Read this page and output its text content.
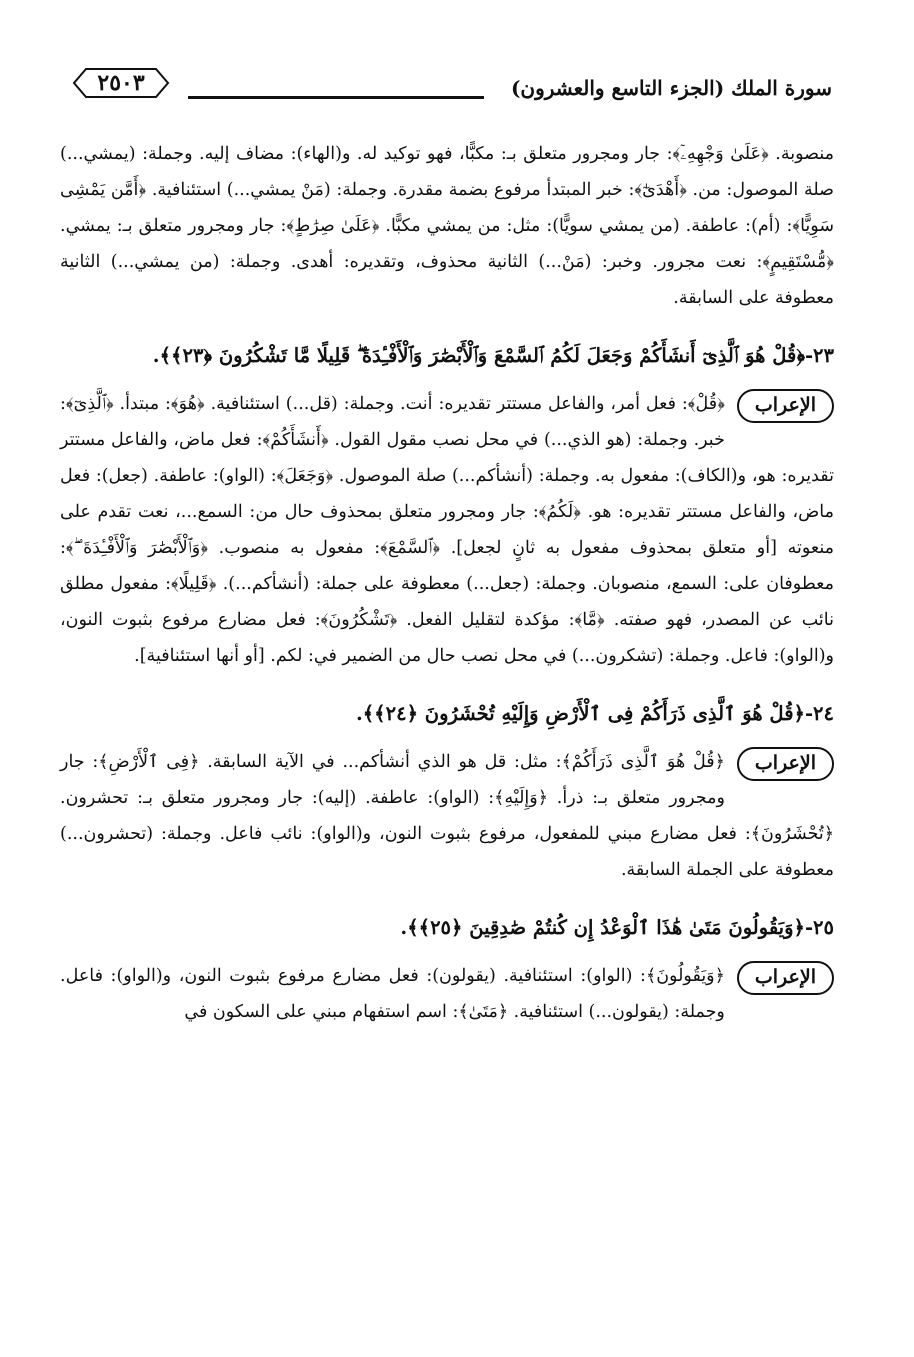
سورة الملك (الجزء التاسع والعشرون)
٢٥٠٣

منصوبة. ﴿عَلَىٰ وَجْهِهِۦٓ﴾: جار ومجرور متعلق بـ: مكبًّا، فهو توكيد له. و(الهاء): مضاف إليه. وجملة: (يمشي...) صلة الموصول: من. ﴿أَهْدَىٰٓ﴾: خبر المبتدأ مرفوع بضمة مقدرة. وجملة: (مَنْ يمشي...) استئنافية. ﴿أَمَّن يَمْشِى سَوِيًّا﴾: (أم): عاطفة. (من يمشي سويًّا): مثل: من يمشي مكبًّا. ﴿عَلَىٰ صِرَٰطٍ﴾: جار ومجرور متعلق بـ: يمشي. ﴿مُّسْتَقِيمٍ﴾: نعت مجرور. وخبر: (مَنْ...) الثانية محذوف، وتقديره: أهدى. وجملة: (من يمشي...) الثانية معطوفة على السابقة.

٢٣-﴿قُلْ هُوَ ٱلَّذِىٓ أَنشَأَكُمْ وَجَعَلَ لَكُمُ ٱلسَّمْعَ وَٱلْأَبْصَٰرَ وَٱلْأَفْـِٔدَةَ ۖ قَلِيلًا مَّا تَشْكُرُونَ ﴿٢٣﴾﴾.

الإعراب
﴿قُلْ﴾: فعل أمر، والفاعل مستتر تقديره: أنت. وجملة: (قل...) استئنافية. ﴿هُوَ﴾: مبتدأ. ﴿ٱلَّذِىٓ﴾: خبر. وجملة: (هو الذي...) في محل نصب مقول القول. ﴿أَنشَأَكُمْ﴾: فعل ماض، والفاعل مستتر تقديره: هو، و(الكاف): مفعول به. وجملة: (أنشأكم...) صلة الموصول. ﴿وَجَعَلَ﴾: (الواو): عاطفة. (جعل): فعل ماض، والفاعل مستتر تقديره: هو. ﴿لَكُمُ﴾: جار ومجرور متعلق بمحذوف حال من: السمع...، نعت تقدم على منعوته [أو متعلق بمحذوف مفعول به ثانٍ لجعل]. ﴿ٱلسَّمْعَ﴾: مفعول به منصوب. ﴿وَٱلْأَبْصَٰرَ وَٱلْأَفْـِٔدَةَ ۖ﴾: معطوفان على: السمع، منصوبان. وجملة: (جعل...) معطوفة على جملة: (أنشأكم...). ﴿قَلِيلًا﴾: مفعول مطلق نائب عن المصدر، فهو صفته. ﴿مَّا﴾: مؤكدة لتقليل الفعل. ﴿تَشْكُرُونَ﴾: فعل مضارع مرفوع بثبوت النون، و(الواو): فاعل. وجملة: (تشكرون...) في محل نصب حال من الضمير في: لكم. [أو أنها استئنافية].

٢٤-﴿قُلْ هُوَ ٱلَّذِى ذَرَأَكُمْ فِى ٱلْأَرْضِ وَإِلَيْهِ تُحْشَرُونَ ﴿٢٤﴾﴾.

الإعراب
﴿قُلْ هُوَ ٱلَّذِى ذَرَأَكُمْ﴾: مثل: قل هو الذي أنشأكم... في الآية السابقة. ﴿فِى ٱلْأَرْضِ﴾: جار ومجرور متعلق بـ: ذرأ. ﴿وَإِلَيْهِ﴾: (الواو): عاطفة. (إليه): جار ومجرور متعلق بـ: تحشرون. ﴿تُحْشَرُونَ﴾: فعل مضارع مبني للمفعول، مرفوع بثبوت النون، و(الواو): نائب فاعل. وجملة: (تحشرون...) معطوفة على الجملة السابقة.

٢٥-﴿وَيَقُولُونَ مَتَىٰ هَٰذَا ٱلْوَعْدُ إِن كُنتُمْ صَٰدِقِينَ ﴿٢٥﴾﴾.

الإعراب
﴿وَيَقُولُونَ﴾: (الواو): استئنافية. (يقولون): فعل مضارع مرفوع بثبوت النون، و(الواو): فاعل. وجملة: (يقولون...) استئنافية. ﴿مَتَىٰ﴾: اسم استفهام مبني على السكون في
